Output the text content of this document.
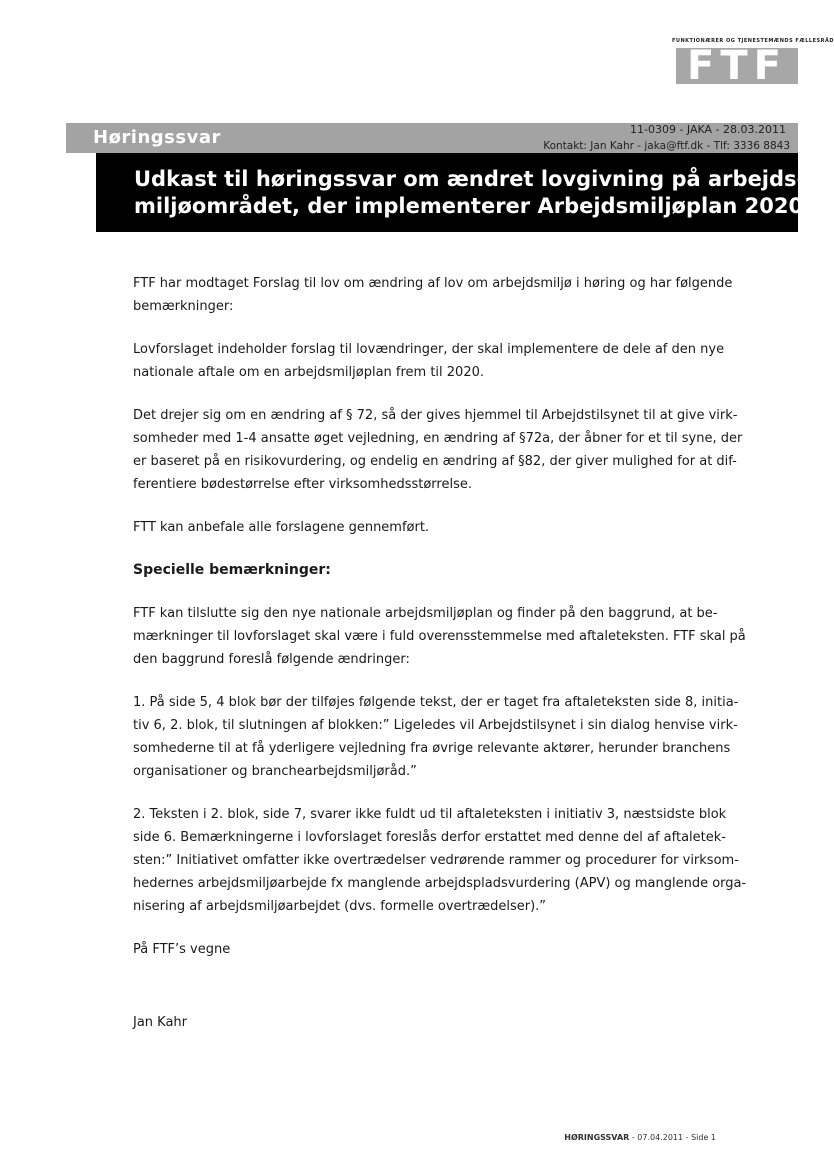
FUNKTIONÆRER OG TJENESTEMÆNDS FÆLLESRÅD
FTF
Høringssvar	11-0309 - JAKA - 28.03.2011
Kontakt: Jan Kahr - jaka@ftf.dk - Tlf: 3336 8843
Udkast til høringssvar om ændret lovgivning på arbejds-
miljøområdet, der implementerer Arbejdsmiljøplan 2020

FTF har modtaget Forslag til lov om ændring af lov om arbejdsmiljø i høring og har følgende
bemærkninger:

Lovforslaget indeholder forslag til lovændringer, der skal implementere de dele af den nye
nationale aftale om en arbejdsmiljøplan frem til 2020.

Det drejer sig om en ændring af § 72, så der gives hjemmel til Arbejdstilsynet til at give virk-
somheder med 1-4 ansatte øget vejledning, en ændring af §72a, der åbner for et til syne, der
er baseret på en risikovurdering, og endelig en ændring af §82, der giver mulighed for at dif-
ferentiere bødestørrelse efter virksomhedsstørrelse.

FTT kan anbefale alle forslagene gennemført.

Specielle bemærkninger:

FTF kan tilslutte sig den nye nationale arbejdsmiljøplan og finder på den baggrund, at be-
mærkninger til lovforslaget skal være i fuld overensstemmelse med aftaleteksten. FTF skal på
den baggrund foreslå følgende ændringer:

1. På side 5, 4 blok bør der tilføjes følgende tekst, der er taget fra aftaleteksten side 8, initia-
tiv 6, 2. blok, til slutningen af blokken:” Ligeledes vil Arbejdstilsynet i sin dialog henvise virk-
somhederne til at få yderligere vejledning fra øvrige relevante aktører, herunder branchens
organisationer og branchearbejdsmiljøråd.”

2. Teksten i 2. blok, side 7, svarer ikke fuldt ud til aftaleteksten i initiativ 3, næstsidste blok
side 6. Bemærkningerne i lovforslaget foreslås derfor erstattet med denne del af aftaletek-
sten:” Initiativet omfatter ikke overtrædelser vedrørende rammer og procedurer for virksom-
hedernes arbejdsmiljøarbejde fx manglende arbejdspladsvurdering (APV) og manglende orga-
nisering af arbejdsmiljøarbejdet (dvs. formelle overtrædelser).”

På FTF’s vegne

Jan Kahr

HØRINGSSVAR - 07.04.2011 - Side 1
